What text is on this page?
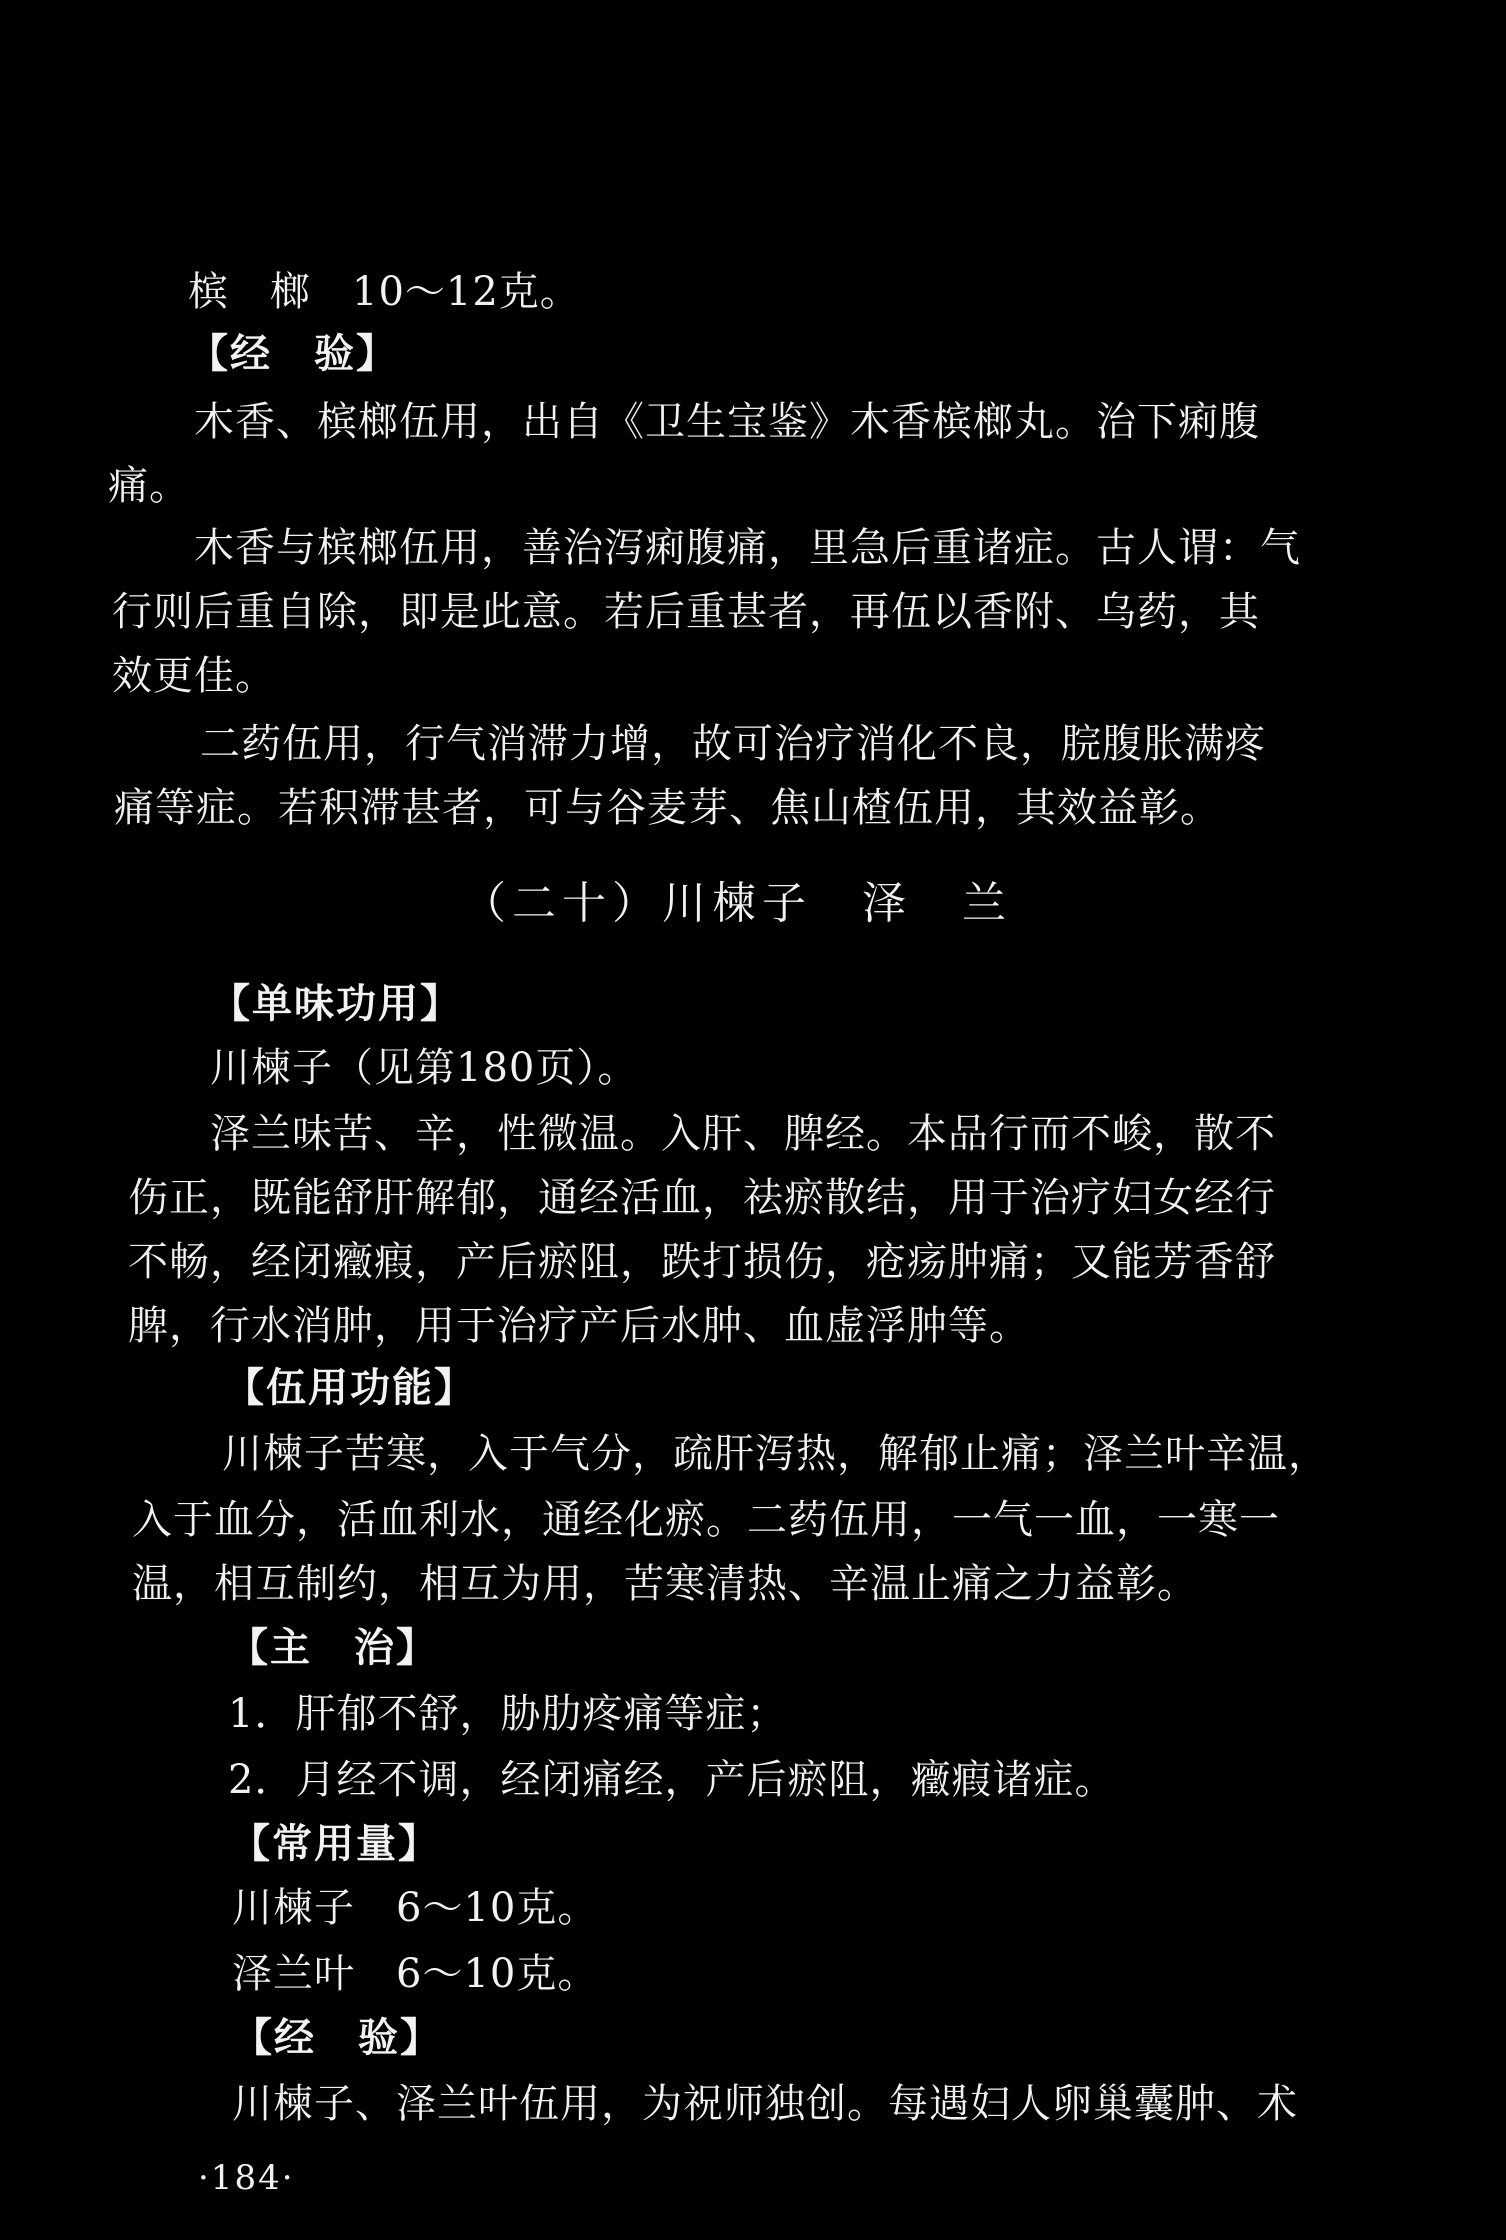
槟　榔　10～12克。
【经　验】
木香、槟榔伍用，出自《卫生宝鉴》木香槟榔丸。治下痢腹
痛。
木香与槟榔伍用，善治泻痢腹痛，里急后重诸症。古人谓：气
行则后重自除，即是此意。若后重甚者，再伍以香附、乌药，其
效更佳。
二药伍用，行气消滞力增，故可治疗消化不良，脘腹胀满疼
痛等症。若积滞甚者，可与谷麦芽、焦山楂伍用，其效益彰。
（二十）川楝子　泽　兰
【单味功用】
川楝子（见第180页）。
泽兰味苦、辛，性微温。入肝、脾经。本品行而不峻，散不
伤正，既能舒肝解郁，通经活血，祛瘀散结，用于治疗妇女经行
不畅，经闭癥瘕，产后瘀阻，跌打损伤，疮疡肿痛；又能芳香舒
脾，行水消肿，用于治疗产后水肿、血虚浮肿等。
【伍用功能】
川楝子苦寒，入于气分，疏肝泻热，解郁止痛；泽兰叶辛温，
入于血分，活血利水，通经化瘀。二药伍用，一气一血，一寒一
温，相互制约，相互为用，苦寒清热、辛温止痛之力益彰。
【主　治】
1．肝郁不舒，胁肋疼痛等症；
2．月经不调，经闭痛经，产后瘀阻，癥瘕诸症。
【常用量】
川楝子　6～10克。
泽兰叶　6～10克。
【经　验】
川楝子、泽兰叶伍用，为祝师独创。每遇妇人卵巢囊肿、术
·184·
